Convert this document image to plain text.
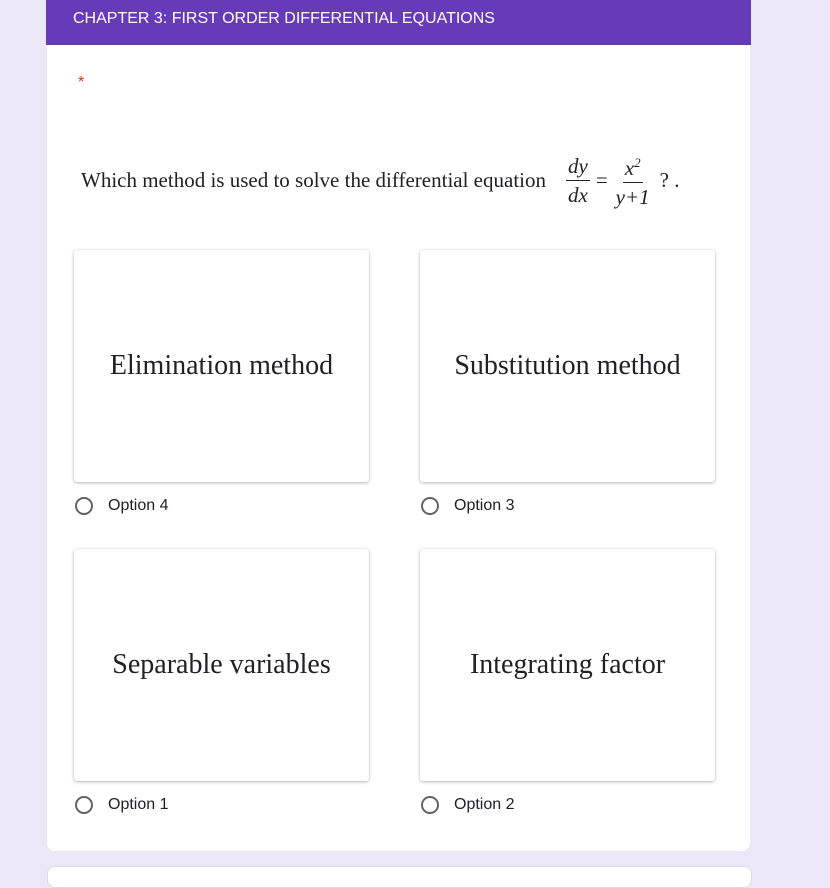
CHAPTER 3: FIRST ORDER DIFFERENTIAL EQUATIONS
*
Which method is used to solve the differential equation $\frac{dy}{dx} = \frac{x^2}{y+1}$ ? .
Elimination method	Substitution method
Separable variables	Integrating factor
Option 4	Option 3
Option 1	Option 2
